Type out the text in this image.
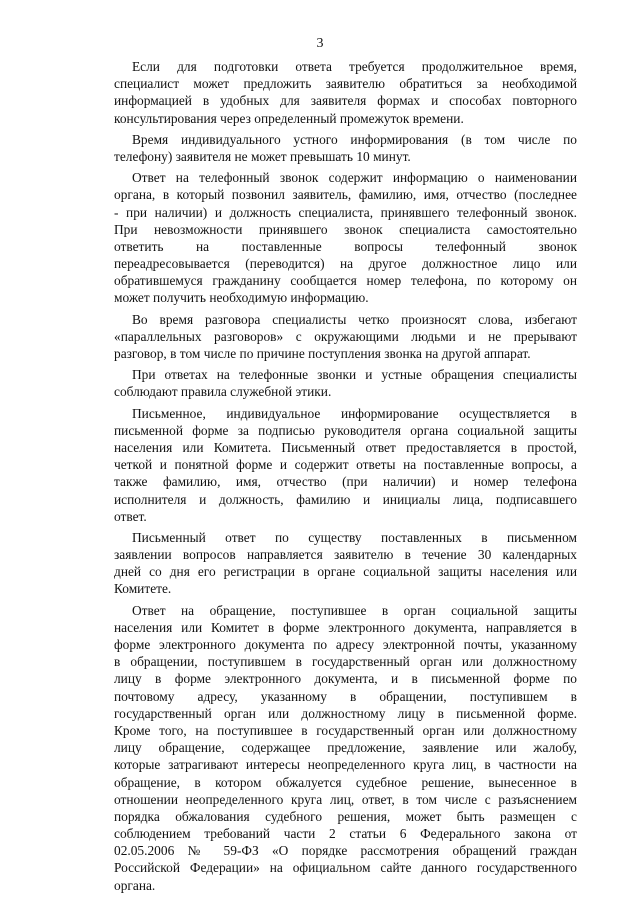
3
Если для подготовки ответа требуется продолжительное время,
специалист может предложить заявителю обратиться за необходимой
информацией в удобных для заявителя формах и способах повторного
консультирования через определенный промежуток времени.
Время индивидуального устного информирования (в том числе по
телефону) заявителя не может превышать 10 минут.
Ответ на телефонный звонок содержит информацию о наименовании
органа, в который позвонил заявитель, фамилию, имя, отчество (последнее
- при наличии) и должность специалиста, принявшего телефонный звонок.
При невозможности принявшего звонок специалиста самостоятельно
ответить на поставленные вопросы телефонный звонок
переадресовывается (переводится) на другое должностное лицо или
обратившемуся гражданину сообщается номер телефона, по которому он
может получить необходимую информацию.
Во время разговора специалисты четко произносят слова, избегают
«параллельных разговоров» с окружающими людьми и не прерывают
разговор, в том числе по причине поступления звонка на другой аппарат.
При ответах на телефонные звонки и устные обращения специалисты
соблюдают правила служебной этики.
Письменное, индивидуальное информирование осуществляется в
письменной форме за подписью руководителя органа социальной защиты
населения или Комитета. Письменный ответ предоставляется в простой,
четкой и понятной форме и содержит ответы на поставленные вопросы, а
также фамилию, имя, отчество (при наличии) и номер телефона
исполнителя и должность, фамилию и инициалы лица, подписавшего
ответ.
Письменный ответ по существу поставленных в письменном
заявлении вопросов направляется заявителю в течение 30 календарных
дней со дня его регистрации в органе социальной защиты населения или
Комитете.
Ответ на обращение, поступившее в орган социальной защиты
населения или Комитет в форме электронного документа, направляется в
форме электронного документа по адресу электронной почты, указанному
в обращении, поступившем в государственный орган или должностному
лицу в форме электронного документа, и в письменной форме по
почтовому адресу, указанному в обращении, поступившем в
государственный орган или должностному лицу в письменной форме.
Кроме того, на поступившее в государственный орган или должностному
лицу обращение, содержащее предложение, заявление или жалобу,
которые затрагивают интересы неопределенного круга лиц, в частности на
обращение, в котором обжалуется судебное решение, вынесенное в
отношении неопределенного круга лиц, ответ, в том числе с разъяснением
порядка обжалования судебного решения, может быть размещен с
соблюдением требований части 2 статьи 6 Федерального закона от
02.05.2006 № 59-ФЗ «О порядке рассмотрения обращений граждан
Российской Федерации» на официальном сайте данного государственного
органа.
